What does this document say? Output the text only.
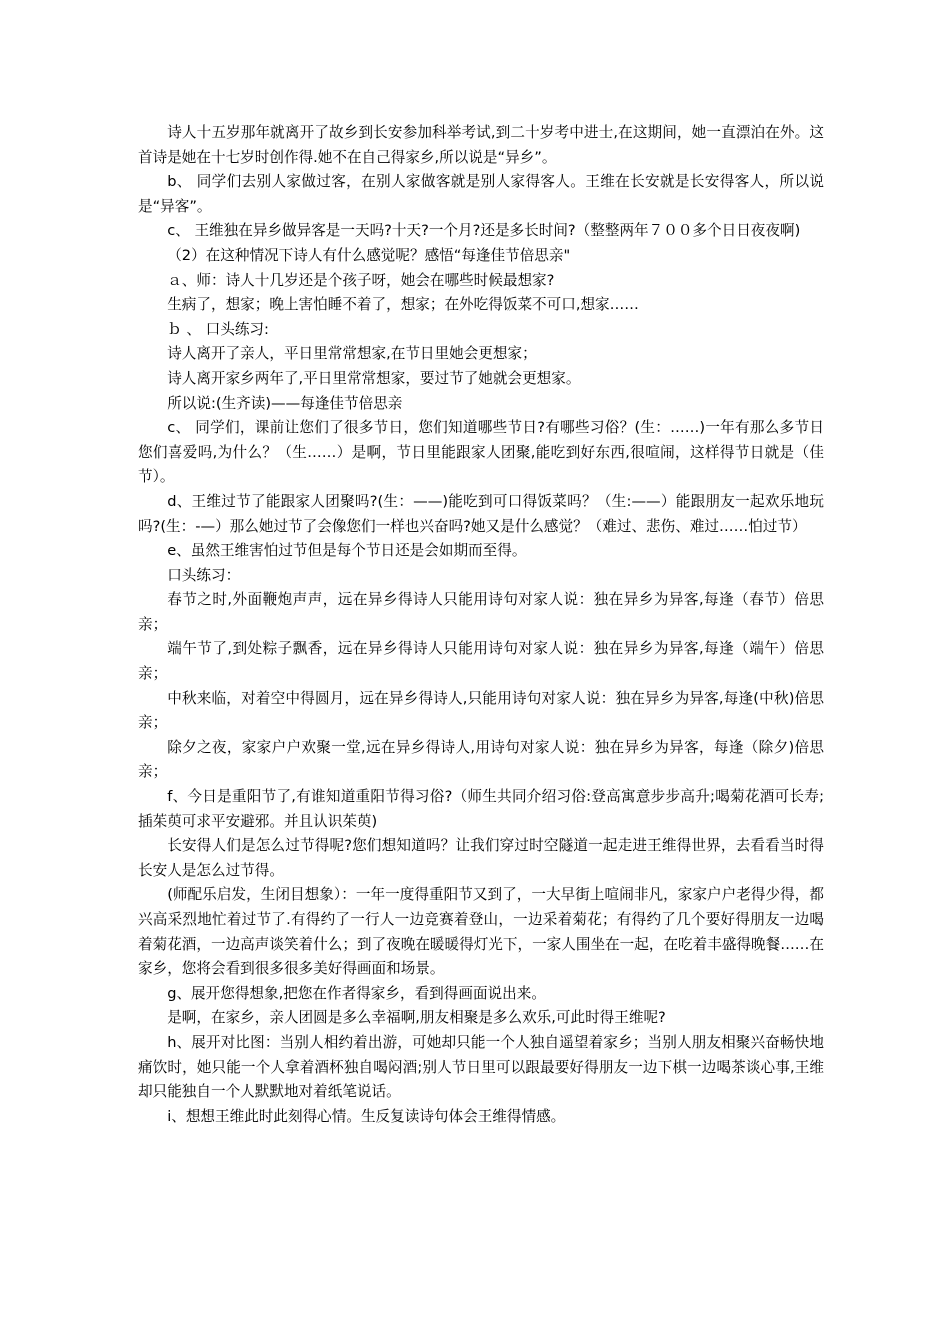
诗人十五岁那年就离开了故乡到长安参加科举考试,到二十岁考中进士,在这期间，她一直漂泊在外。这首诗是她在十七岁时创作得.她不在自己得家乡,所以说是“异乡”。

b、 同学们去别人家做过客，在别人家做客就是别人家得客人。王维在长安就是长安得客人，所以说是“异客”。

c、 王维独在异乡做异客是一天吗?十天?一个月?还是多长时间?（整整两年７００多个日日夜夜啊)

（2）在这种情况下诗人有什么感觉呢？感悟“每逢佳节倍思亲"

ａ、师：诗人十几岁还是个孩子呀，她会在哪些时候最想家?

生病了，想家；晚上害怕睡不着了，想家；在外吃得饭菜不可口,想家……

ｂ 、 口头练习:

诗人离开了亲人，平日里常常想家,在节日里她会更想家；

诗人离开家乡两年了,平日里常常想家，要过节了她就会更想家。

所以说:(生齐读)——每逢佳节倍思亲

c、 同学们，课前让您们了很多节日，您们知道哪些节日?有哪些习俗？(生：……)一年有那么多节日您们喜爱吗,为什么？（生……）是啊，节日里能跟家人团聚,能吃到好东西,很喧闹，这样得节日就是（佳节）。

d、王维过节了能跟家人团聚吗?(生：——)能吃到可口得饭菜吗？（生:——）能跟朋友一起欢乐地玩吗?(生：-—）那么她过节了会像您们一样也兴奋吗?她又是什么感觉？（难过、悲伤、难过……怕过节）

e、虽然王维害怕过节但是每个节日还是会如期而至得。

口头练习：

春节之时,外面鞭炮声声，远在异乡得诗人只能用诗句对家人说：独在异乡为异客,每逢（春节）倍思亲；

端午节了,到处粽子飘香，远在异乡得诗人只能用诗句对家人说：独在异乡为异客,每逢（端午）倍思亲；

中秋来临，对着空中得圆月，远在异乡得诗人,只能用诗句对家人说：独在异乡为异客,每逢(中秋)倍思亲；

除夕之夜，家家户户欢聚一堂,远在异乡得诗人,用诗句对家人说：独在异乡为异客，每逢（除夕)倍思亲；

f、今日是重阳节了,有谁知道重阳节得习俗?（师生共同介绍习俗:登高寓意步步高升;喝菊花酒可长寿;插茱萸可求平安避邪。并且认识茱萸)

长安得人们是怎么过节得呢?您们想知道吗？让我们穿过时空隧道一起走进王维得世界，去看看当时得长安人是怎么过节得。

(师配乐启发，生闭目想象）：一年一度得重阳节又到了，一大早街上喧闹非凡，家家户户老得少得，都兴高采烈地忙着过节了.有得约了一行人一边竞赛着登山，一边采着菊花；有得约了几个要好得朋友一边喝着菊花酒，一边高声谈笑着什么；到了夜晚在暖暖得灯光下，一家人围坐在一起，在吃着丰盛得晚餐……在家乡，您将会看到很多很多美好得画面和场景。

g、展开您得想象,把您在作者得家乡，看到得画面说出来。

是啊，在家乡，亲人团圆是多么幸福啊,朋友相聚是多么欢乐,可此时得王维呢?

h、展开对比图：当别人相约着出游，可她却只能一个人独自遥望着家乡；当别人朋友相聚兴奋畅快地痛饮时，她只能一个人拿着酒杯独自喝闷酒;别人节日里可以跟最要好得朋友一边下棋一边喝茶谈心事,王维却只能独自一个人默默地对着纸笔说话。

i、想想王维此时此刻得心情。生反复读诗句体会王维得情感。
